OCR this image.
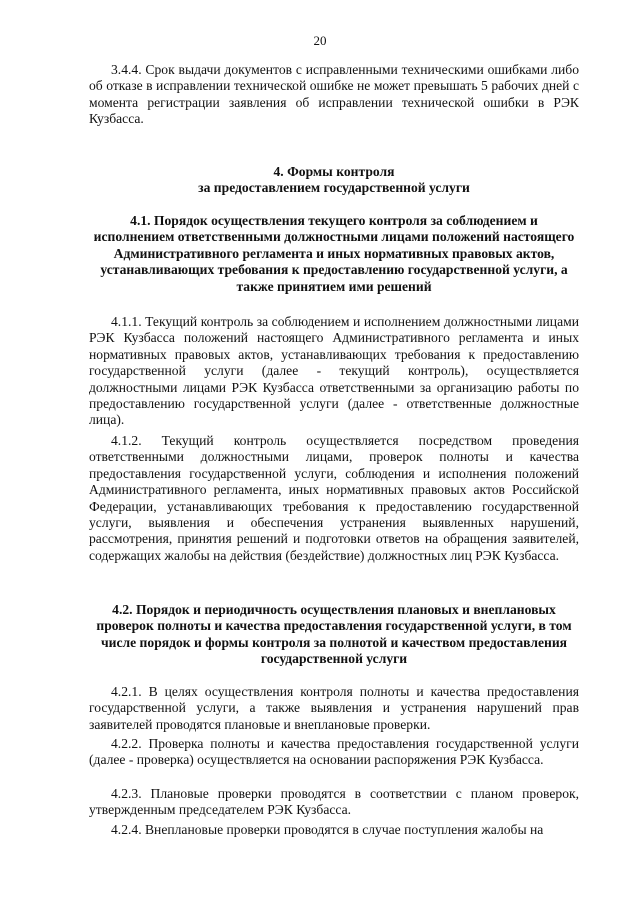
20

3.4.4. Срок выдачи документов с исправленными техническими ошибками либо об отказе в исправлении технической ошибке не может превышать 5 рабочих дней с момента регистрации заявления об исправлении технической ошибки в РЭК Кузбасса.

4. Формы контроля
за предоставлением государственной услуги

4.1. Порядок осуществления текущего контроля за соблюдением и исполнением ответственными должностными лицами положений настоящего Административного регламента и иных нормативных правовых актов, устанавливающих требования к предоставлению государственной услуги, а также принятием ими решений

4.1.1. Текущий контроль за соблюдением и исполнением должностными лицами РЭК Кузбасса положений настоящего Административного регламента и иных нормативных правовых актов, устанавливающих требования к предоставлению государственной услуги (далее - текущий контроль), осуществляется должностными лицами РЭК Кузбасса ответственными за организацию работы по предоставлению государственной услуги (далее - ответственные должностные лица).

4.1.2. Текущий контроль осуществляется посредством проведения ответственными должностными лицами, проверок полноты и качества предоставления государственной услуги, соблюдения и исполнения положений Административного регламента, иных нормативных правовых актов Российской Федерации, устанавливающих требования к предоставлению государственной услуги, выявления и обеспечения устранения выявленных нарушений, рассмотрения, принятия решений и подготовки ответов на обращения заявителей, содержащих жалобы на действия (бездействие) должностных лиц РЭК Кузбасса.

4.2. Порядок и периодичность осуществления плановых и внеплановых проверок полноты и качества предоставления государственной услуги, в том числе порядок и формы контроля за полнотой и качеством предоставления государственной услуги

4.2.1. В целях осуществления контроля полноты и качества предоставления государственной услуги, а также выявления и устранения нарушений прав заявителей проводятся плановые и внеплановые проверки.

4.2.2. Проверка полноты и качества предоставления государственной услуги (далее - проверка) осуществляется на основании распоряжения РЭК Кузбасса.

4.2.3. Плановые проверки проводятся в соответствии с планом проверок, утвержденным председателем РЭК Кузбасса.

4.2.4. Внеплановые проверки проводятся в случае поступления жалобы на
